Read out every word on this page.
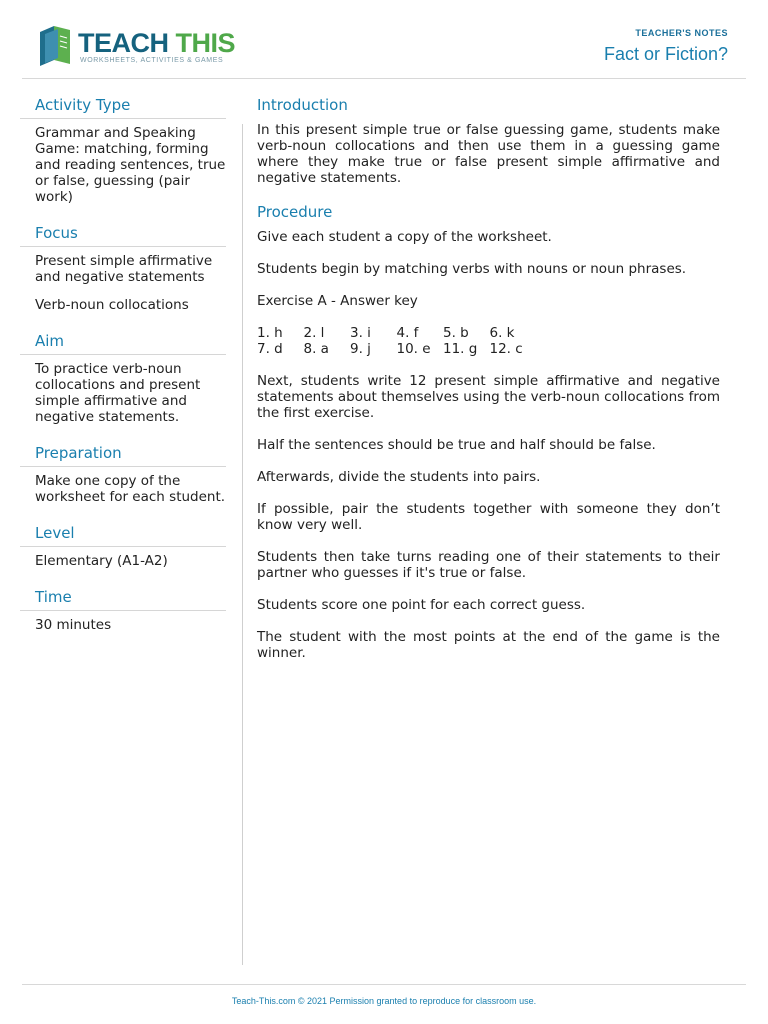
TEACH THIS
WORKSHEETS, ACTIVITIES & GAMES
TEACHER'S NOTES
Fact or Fiction?
Activity Type

Grammar and Speaking Game: matching, forming and reading sentences, true or false, guessing (pair work)

Focus

Present simple affirmative and negative statements

Verb-noun collocations

Aim

To practice verb-noun collocations and present simple affirmative and negative statements.

Preparation

Make one copy of the worksheet for each student.

Level

Elementary (A1-A2)

Time

30 minutes

Introduction

In this present simple true or false guessing game, students make verb-noun collocations and then use them in a guessing game where they make true or false present simple affirmative and negative statements.

Procedure

Give each student a copy of the worksheet.

Students begin by matching verbs with nouns or noun phrases.

Exercise A - Answer key

1. h	2. l	3. i	4. f	5. b	6. k
7. d	8. a	9. j	10. e 11. g 12. c

Next, students write 12 present simple affirmative and negative statements about themselves using the verb-noun collocations from the first exercise.

Half the sentences should be true and half should be false.

Afterwards, divide the students into pairs.

If possible, pair the students together with someone they don’t know very well.

Students then take turns reading one of their statements to their partner who guesses if it's true or false.

Students score one point for each correct guess.

The student with the most points at the end of the game is the winner.

Teach-This.com © 2021 Permission granted to reproduce for classroom use.
